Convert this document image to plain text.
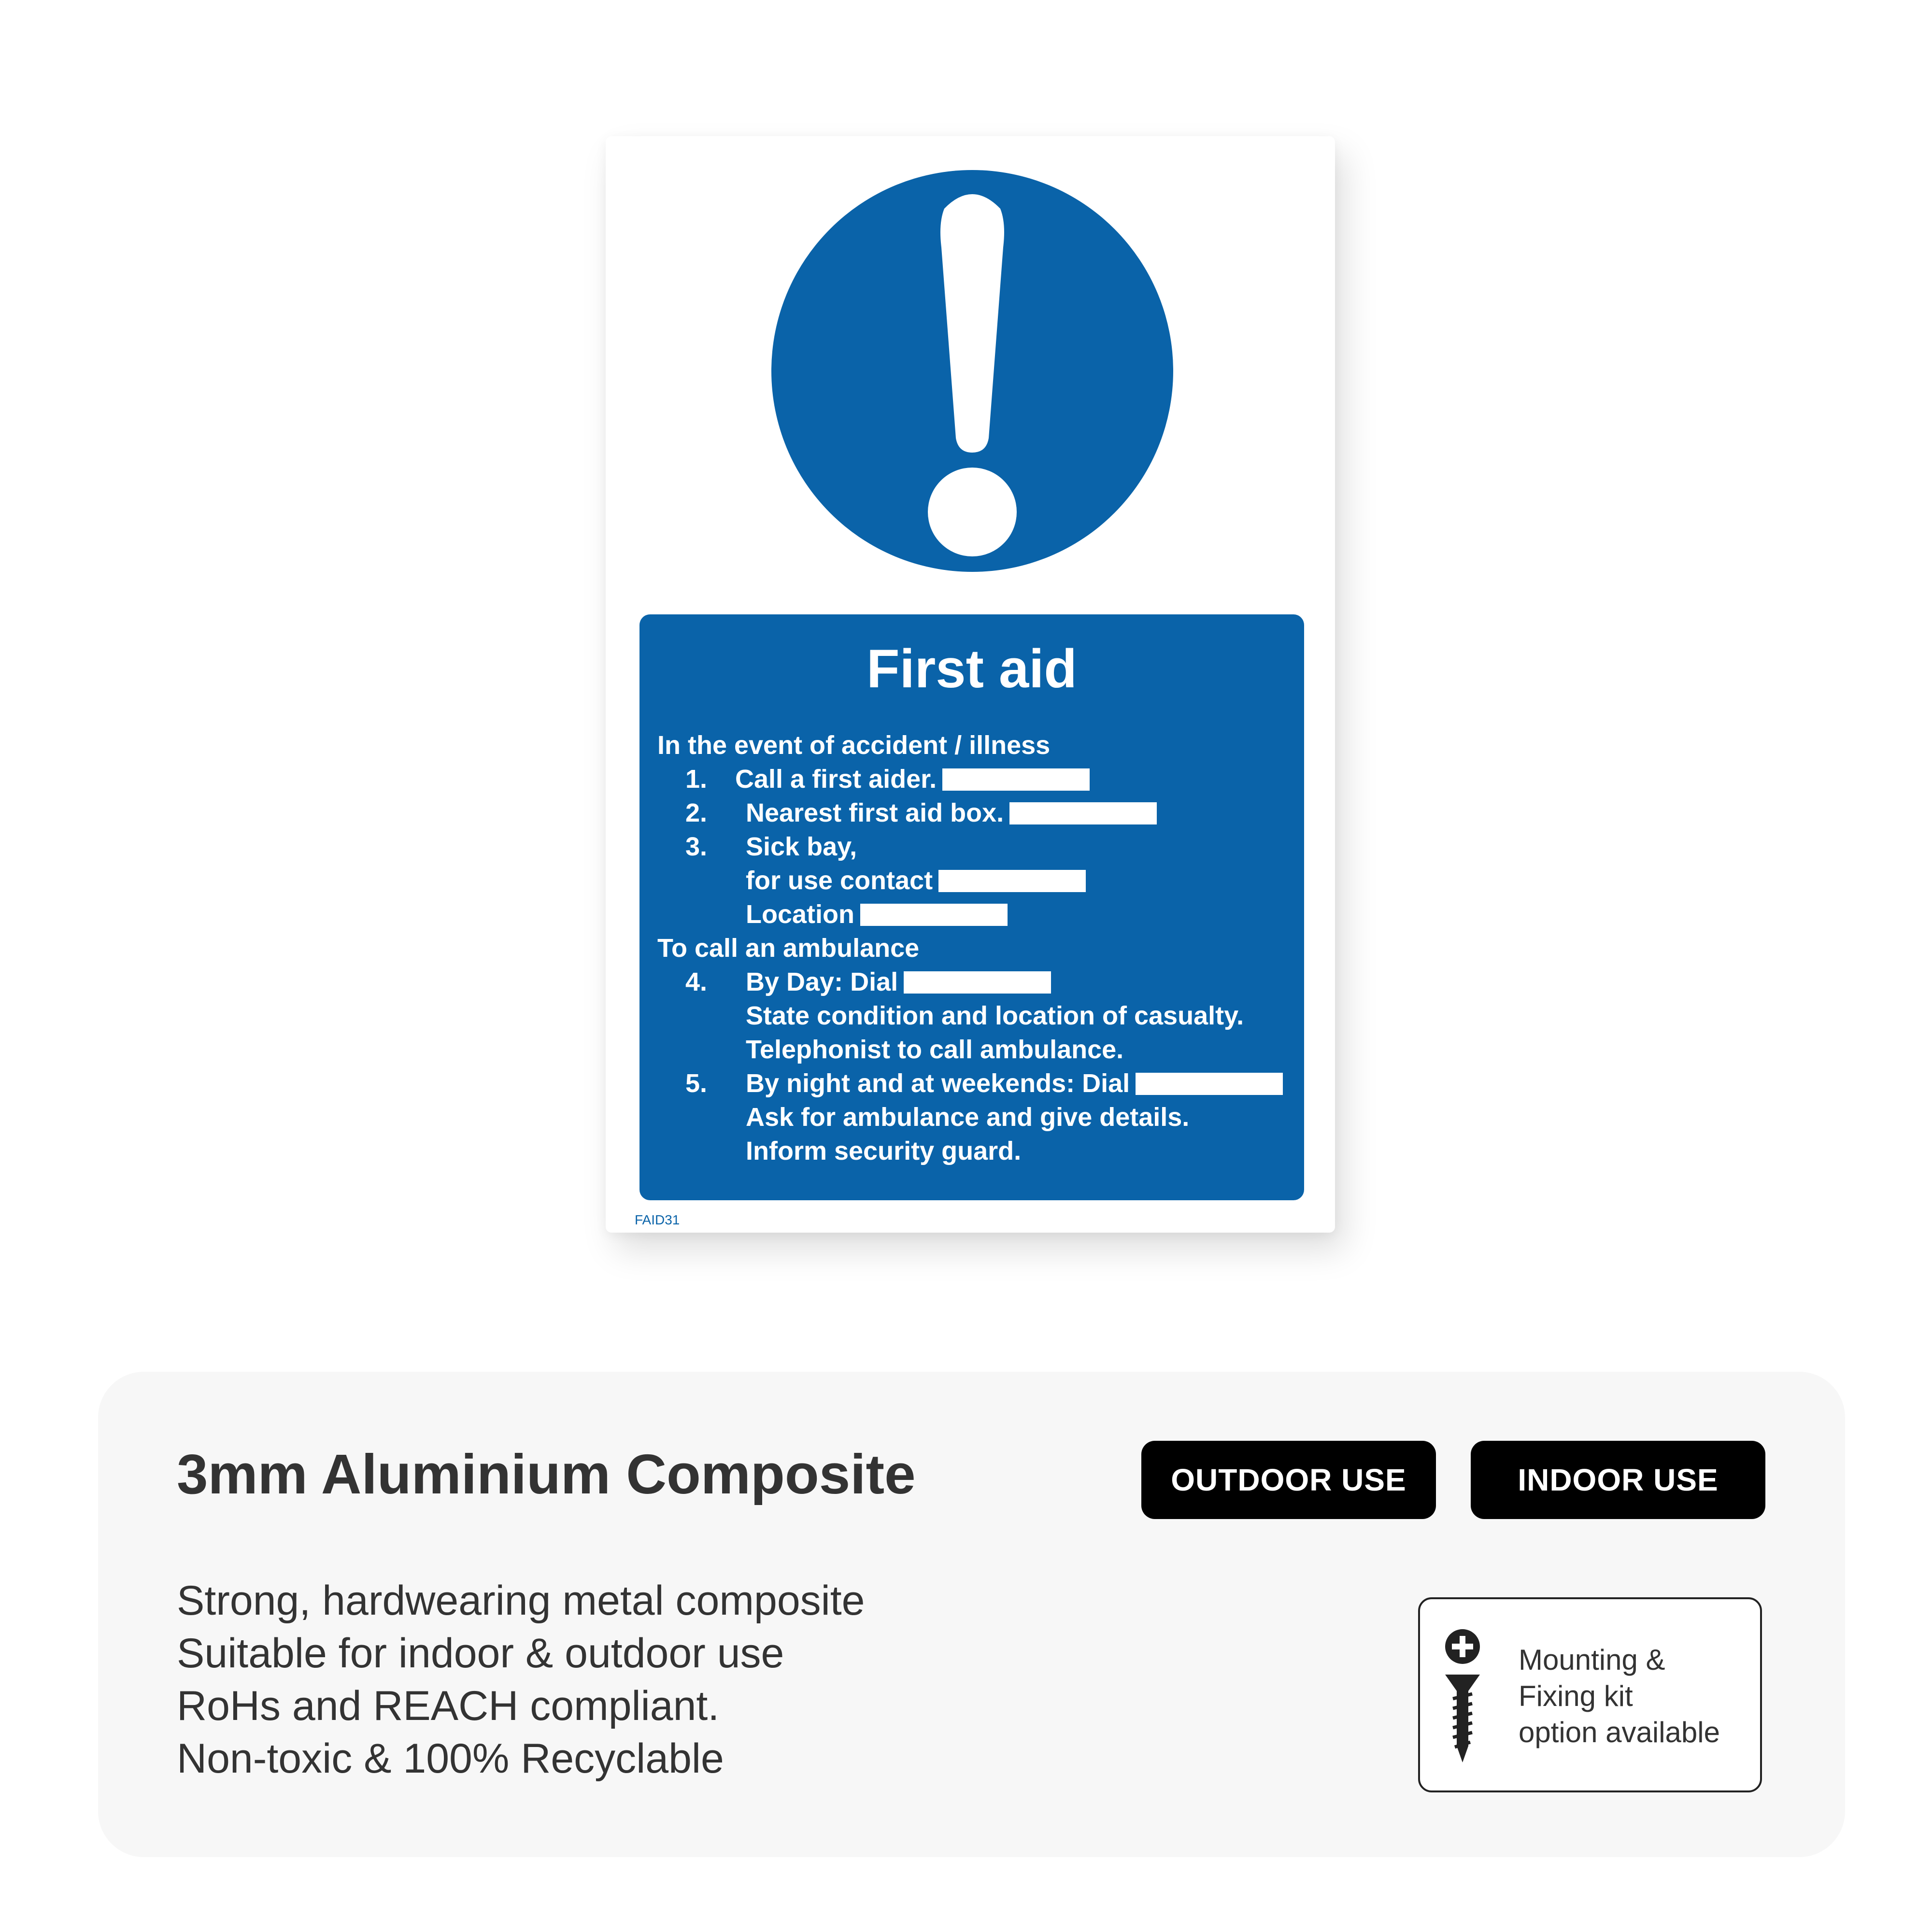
First aid
In the event of accident / illness
1. Call a first aider.
2. Nearest first aid box.
3. Sick bay,
for use contact
Location
To call an ambulance
4. By Day: Dial
State condition and location of casualty.
Telephonist to call ambulance.
5. By night and at weekends: Dial
Ask for ambulance and give details.
Inform security guard.
FAID31
3mm Aluminium Composite	OUTDOOR USE	INDOOR USE
Strong, hardwearing metal composite
Suitable for indoor & outdoor use
RoHs and REACH compliant.
Non-toxic & 100% Recyclable
Mounting &
Fixing kit
option available
